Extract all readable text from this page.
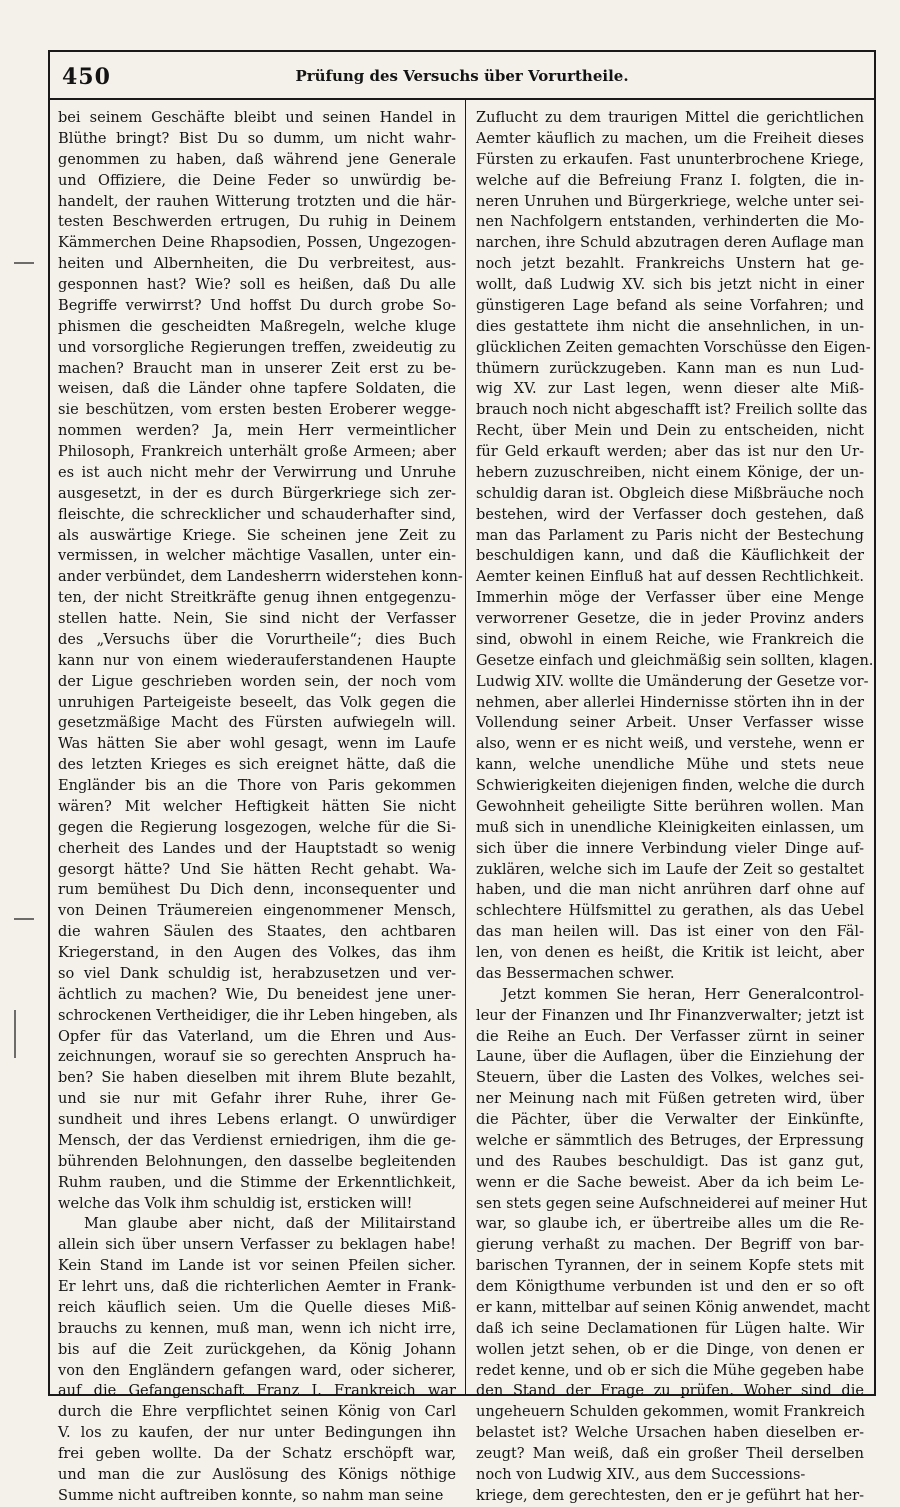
450	Prüfung des Versuchs über Vorurtheile.
bei seinem Geschäfte bleibt und seinen Handel in
Blüthe bringt? Bist Du so dumm, um nicht wahr-
genommen zu haben, daß während jene Generale
und Offiziere, die Deine Feder so unwürdig be-
handelt, der rauhen Witterung trotzten und die här-
testen Beschwerden ertrugen, Du ruhig in Deinem
Kämmerchen Deine Rhapsodien, Possen, Ungezogen-
heiten und Albernheiten, die Du verbreitest, aus-
gesponnen hast? Wie? soll es heißen, daß Du alle
Begriffe verwirrst? Und hoffst Du durch grobe So-
phismen die gescheidten Maßregeln, welche kluge
und vorsorgliche Regierungen treffen, zweideutig zu
machen? Braucht man in unserer Zeit erst zu be-
weisen, daß die Länder ohne tapfere Soldaten, die
sie beschützen, vom ersten besten Eroberer wegge-
nommen werden? Ja, mein Herr vermeintlicher
Philosoph, Frankreich unterhält große Armeen; aber
es ist auch nicht mehr der Verwirrung und Unruhe
ausgesetzt, in der es durch Bürgerkriege sich zer-
fleischte, die schrecklicher und schauderhafter sind,
als auswärtige Kriege. Sie scheinen jene Zeit zu
vermissen, in welcher mächtige Vasallen, unter ein-
ander verbündet, dem Landesherrn widerstehen konn-
ten, der nicht Streitkräfte genug ihnen entgegenzu-
stellen hatte. Nein, Sie sind nicht der Verfasser
des „Versuchs über die Vorurtheile“; dies Buch
kann nur von einem wiederauferstandenen Haupte
der Ligue geschrieben worden sein, der noch vom
unruhigen Parteigeiste beseelt, das Volk gegen die
gesetzmäßige Macht des Fürsten aufwiegeln will.
Was hätten Sie aber wohl gesagt, wenn im Laufe
des letzten Krieges es sich ereignet hätte, daß die
Engländer bis an die Thore von Paris gekommen
wären? Mit welcher Heftigkeit hätten Sie nicht
gegen die Regierung losgezogen, welche für die Si-
cherheit des Landes und der Hauptstadt so wenig
gesorgt hätte? Und Sie hätten Recht gehabt. Wa-
rum bemühest Du Dich denn, inconsequenter und
von Deinen Träumereien eingenommener Mensch,
die wahren Säulen des Staates, den achtbaren
Kriegerstand, in den Augen des Volkes, das ihm
so viel Dank schuldig ist, herabzusetzen und ver-
ächtlich zu machen? Wie, Du beneidest jene uner-
schrockenen Vertheidiger, die ihr Leben hingeben, als
Opfer für das Vaterland, um die Ehren und Aus-
zeichnungen, worauf sie so gerechten Anspruch ha-
ben? Sie haben dieselben mit ihrem Blute bezahlt,
und sie nur mit Gefahr ihrer Ruhe, ihrer Ge-
sundheit und ihres Lebens erlangt. O unwürdiger
Mensch, der das Verdienst erniedrigen, ihm die ge-
bührenden Belohnungen, den dasselbe begleitenden
Ruhm rauben, und die Stimme der Erkenntlichkeit,
welche das Volk ihm schuldig ist, ersticken will!
Man glaube aber nicht, daß der Militairstand
allein sich über unsern Verfasser zu beklagen habe!
Kein Stand im Lande ist vor seinen Pfeilen sicher.
Er lehrt uns, daß die richterlichen Aemter in Frank-
reich käuflich seien. Um die Quelle dieses Miß-
brauchs zu kennen, muß man, wenn ich nicht irre,
bis auf die Zeit zurückgehen, da König Johann
von den Engländern gefangen ward, oder sicherer,
auf die Gefangenschaft Franz I. Frankreich war
durch die Ehre verpflichtet seinen König von Carl
V. los zu kaufen, der nur unter Bedingungen ihn
frei geben wollte. Da der Schatz erschöpft war,
und man die zur Auslösung des Königs nöthige
Summe nicht auftreiben konnte, so nahm man seine
Zuflucht zu dem traurigen Mittel die gerichtlichen
Aemter käuflich zu machen, um die Freiheit dieses
Fürsten zu erkaufen. Fast ununterbrochene Kriege,
welche auf die Befreiung Franz I. folgten, die in-
neren Unruhen und Bürgerkriege, welche unter sei-
nen Nachfolgern entstanden, verhinderten die Mo-
narchen, ihre Schuld abzutragen deren Auflage man
noch jetzt bezahlt. Frankreichs Unstern hat ge-
wollt, daß Ludwig XV. sich bis jetzt nicht in einer
günstigeren Lage befand als seine Vorfahren; und
dies gestattete ihm nicht die ansehnlichen, in un-
glücklichen Zeiten gemachten Vorschüsse den Eigen-
thümern zurückzugeben. Kann man es nun Lud-
wig XV. zur Last legen, wenn dieser alte Miß-
brauch noch nicht abgeschafft ist? Freilich sollte das
Recht, über Mein und Dein zu entscheiden, nicht
für Geld erkauft werden; aber das ist nur den Ur-
hebern zuzuschreiben, nicht einem Könige, der un-
schuldig daran ist. Obgleich diese Mißbräuche noch
bestehen, wird der Verfasser doch gestehen, daß
man das Parlament zu Paris nicht der Bestechung
beschuldigen kann, und daß die Käuflichkeit der
Aemter keinen Einfluß hat auf dessen Rechtlichkeit.
Immerhin möge der Verfasser über eine Menge
verworrener Gesetze, die in jeder Provinz anders
sind, obwohl in einem Reiche, wie Frankreich die
Gesetze einfach und gleichmäßig sein sollten, klagen.
Ludwig XIV. wollte die Umänderung der Gesetze vor-
nehmen, aber allerlei Hindernisse störten ihn in der
Vollendung seiner Arbeit. Unser Verfasser wisse
also, wenn er es nicht weiß, und verstehe, wenn er
kann, welche unendliche Mühe und stets neue
Schwierigkeiten diejenigen finden, welche die durch
Gewohnheit geheiligte Sitte berühren wollen. Man
muß sich in unendliche Kleinigkeiten einlassen, um
sich über die innere Verbindung vieler Dinge auf-
zuklären, welche sich im Laufe der Zeit so gestaltet
haben, und die man nicht anrühren darf ohne auf
schlechtere Hülfsmittel zu gerathen, als das Uebel
das man heilen will. Das ist einer von den Fäl-
len, von denen es heißt, die Kritik ist leicht, aber
das Bessermachen schwer.
Jetzt kommen Sie heran, Herr Generalcontrol-
leur der Finanzen und Ihr Finanzverwalter; jetzt ist
die Reihe an Euch. Der Verfasser zürnt in seiner
Laune, über die Auflagen, über die Einziehung der
Steuern, über die Lasten des Volkes, welches sei-
ner Meinung nach mit Füßen getreten wird, über
die Pächter, über die Verwalter der Einkünfte,
welche er sämmtlich des Betruges, der Erpressung
und des Raubes beschuldigt. Das ist ganz gut,
wenn er die Sache beweist. Aber da ich beim Le-
sen stets gegen seine Aufschneiderei auf meiner Hut
war, so glaube ich, er übertreibe alles um die Re-
gierung verhaßt zu machen. Der Begriff von bar-
barischen Tyrannen, der in seinem Kopfe stets mit
dem Königthume verbunden ist und den er so oft
er kann, mittelbar auf seinen König anwendet, macht
daß ich seine Declamationen für Lügen halte. Wir
wollen jetzt sehen, ob er die Dinge, von denen er
redet kenne, und ob er sich die Mühe gegeben habe
den Stand der Frage zu prüfen. Woher sind die
ungeheuern Schulden gekommen, womit Frankreich
belastet ist? Welche Ursachen haben dieselben er-
zeugt? Man weiß, daß ein großer Theil derselben
noch von Ludwig XIV., aus dem Successions-
kriege, dem gerechtesten, den er je geführt hat her-
